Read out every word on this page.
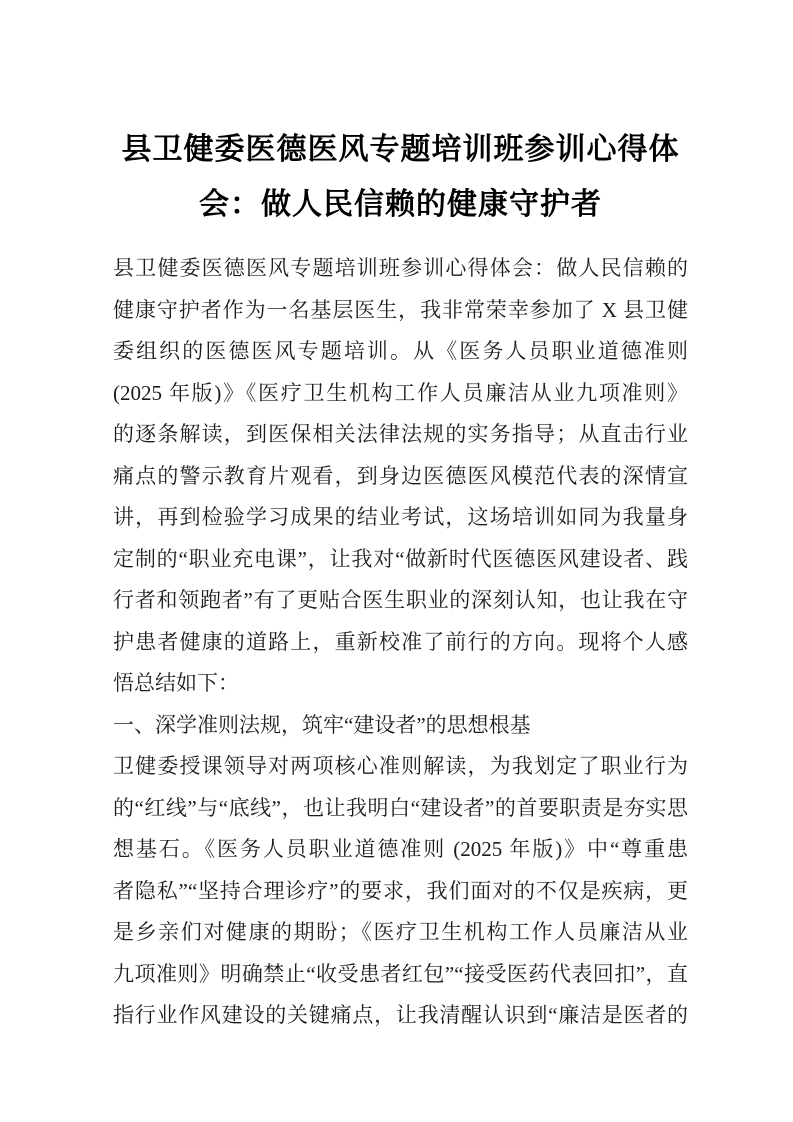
县卫健委医德医风专题培训班参训心得体
会：做人民信赖的健康守护者
县卫健委医德医风专题培训班参训心得体会：做人民信赖的
健康守护者作为一名基层医生，我非常荣幸参加了 X 县卫健
委组织的医德医风专题培训。从《医务人员职业道德准则
(2025 年版)》《医疗卫生机构工作人员廉洁从业九项准则》
的逐条解读，到医保相关法律法规的实务指导；从直击行业
痛点的警示教育片观看，到身边医德医风模范代表的深情宣
讲，再到检验学习成果的结业考试，这场培训如同为我量身
定制的“职业充电课”，让我对“做新时代医德医风建设者、践
行者和领跑者”有了更贴合医生职业的深刻认知，也让我在守
护患者健康的道路上，重新校准了前行的方向。现将个人感
悟总结如下：
一、深学准则法规，筑牢“建设者”的思想根基
卫健委授课领导对两项核心准则解读，为我划定了职业行为
的“红线”与“底线”，也让我明白“建设者”的首要职责是夯实思
想基石。《医务人员职业道德准则 (2025 年版)》中“尊重患
者隐私”“坚持合理诊疗”的要求，我们面对的不仅是疾病，更
是乡亲们对健康的期盼；《医疗卫生机构工作人员廉洁从业
九项准则》明确禁止“收受患者红包”“接受医药代表回扣”，直
指行业作风建设的关键痛点，让我清醒认识到“廉洁是医者的
